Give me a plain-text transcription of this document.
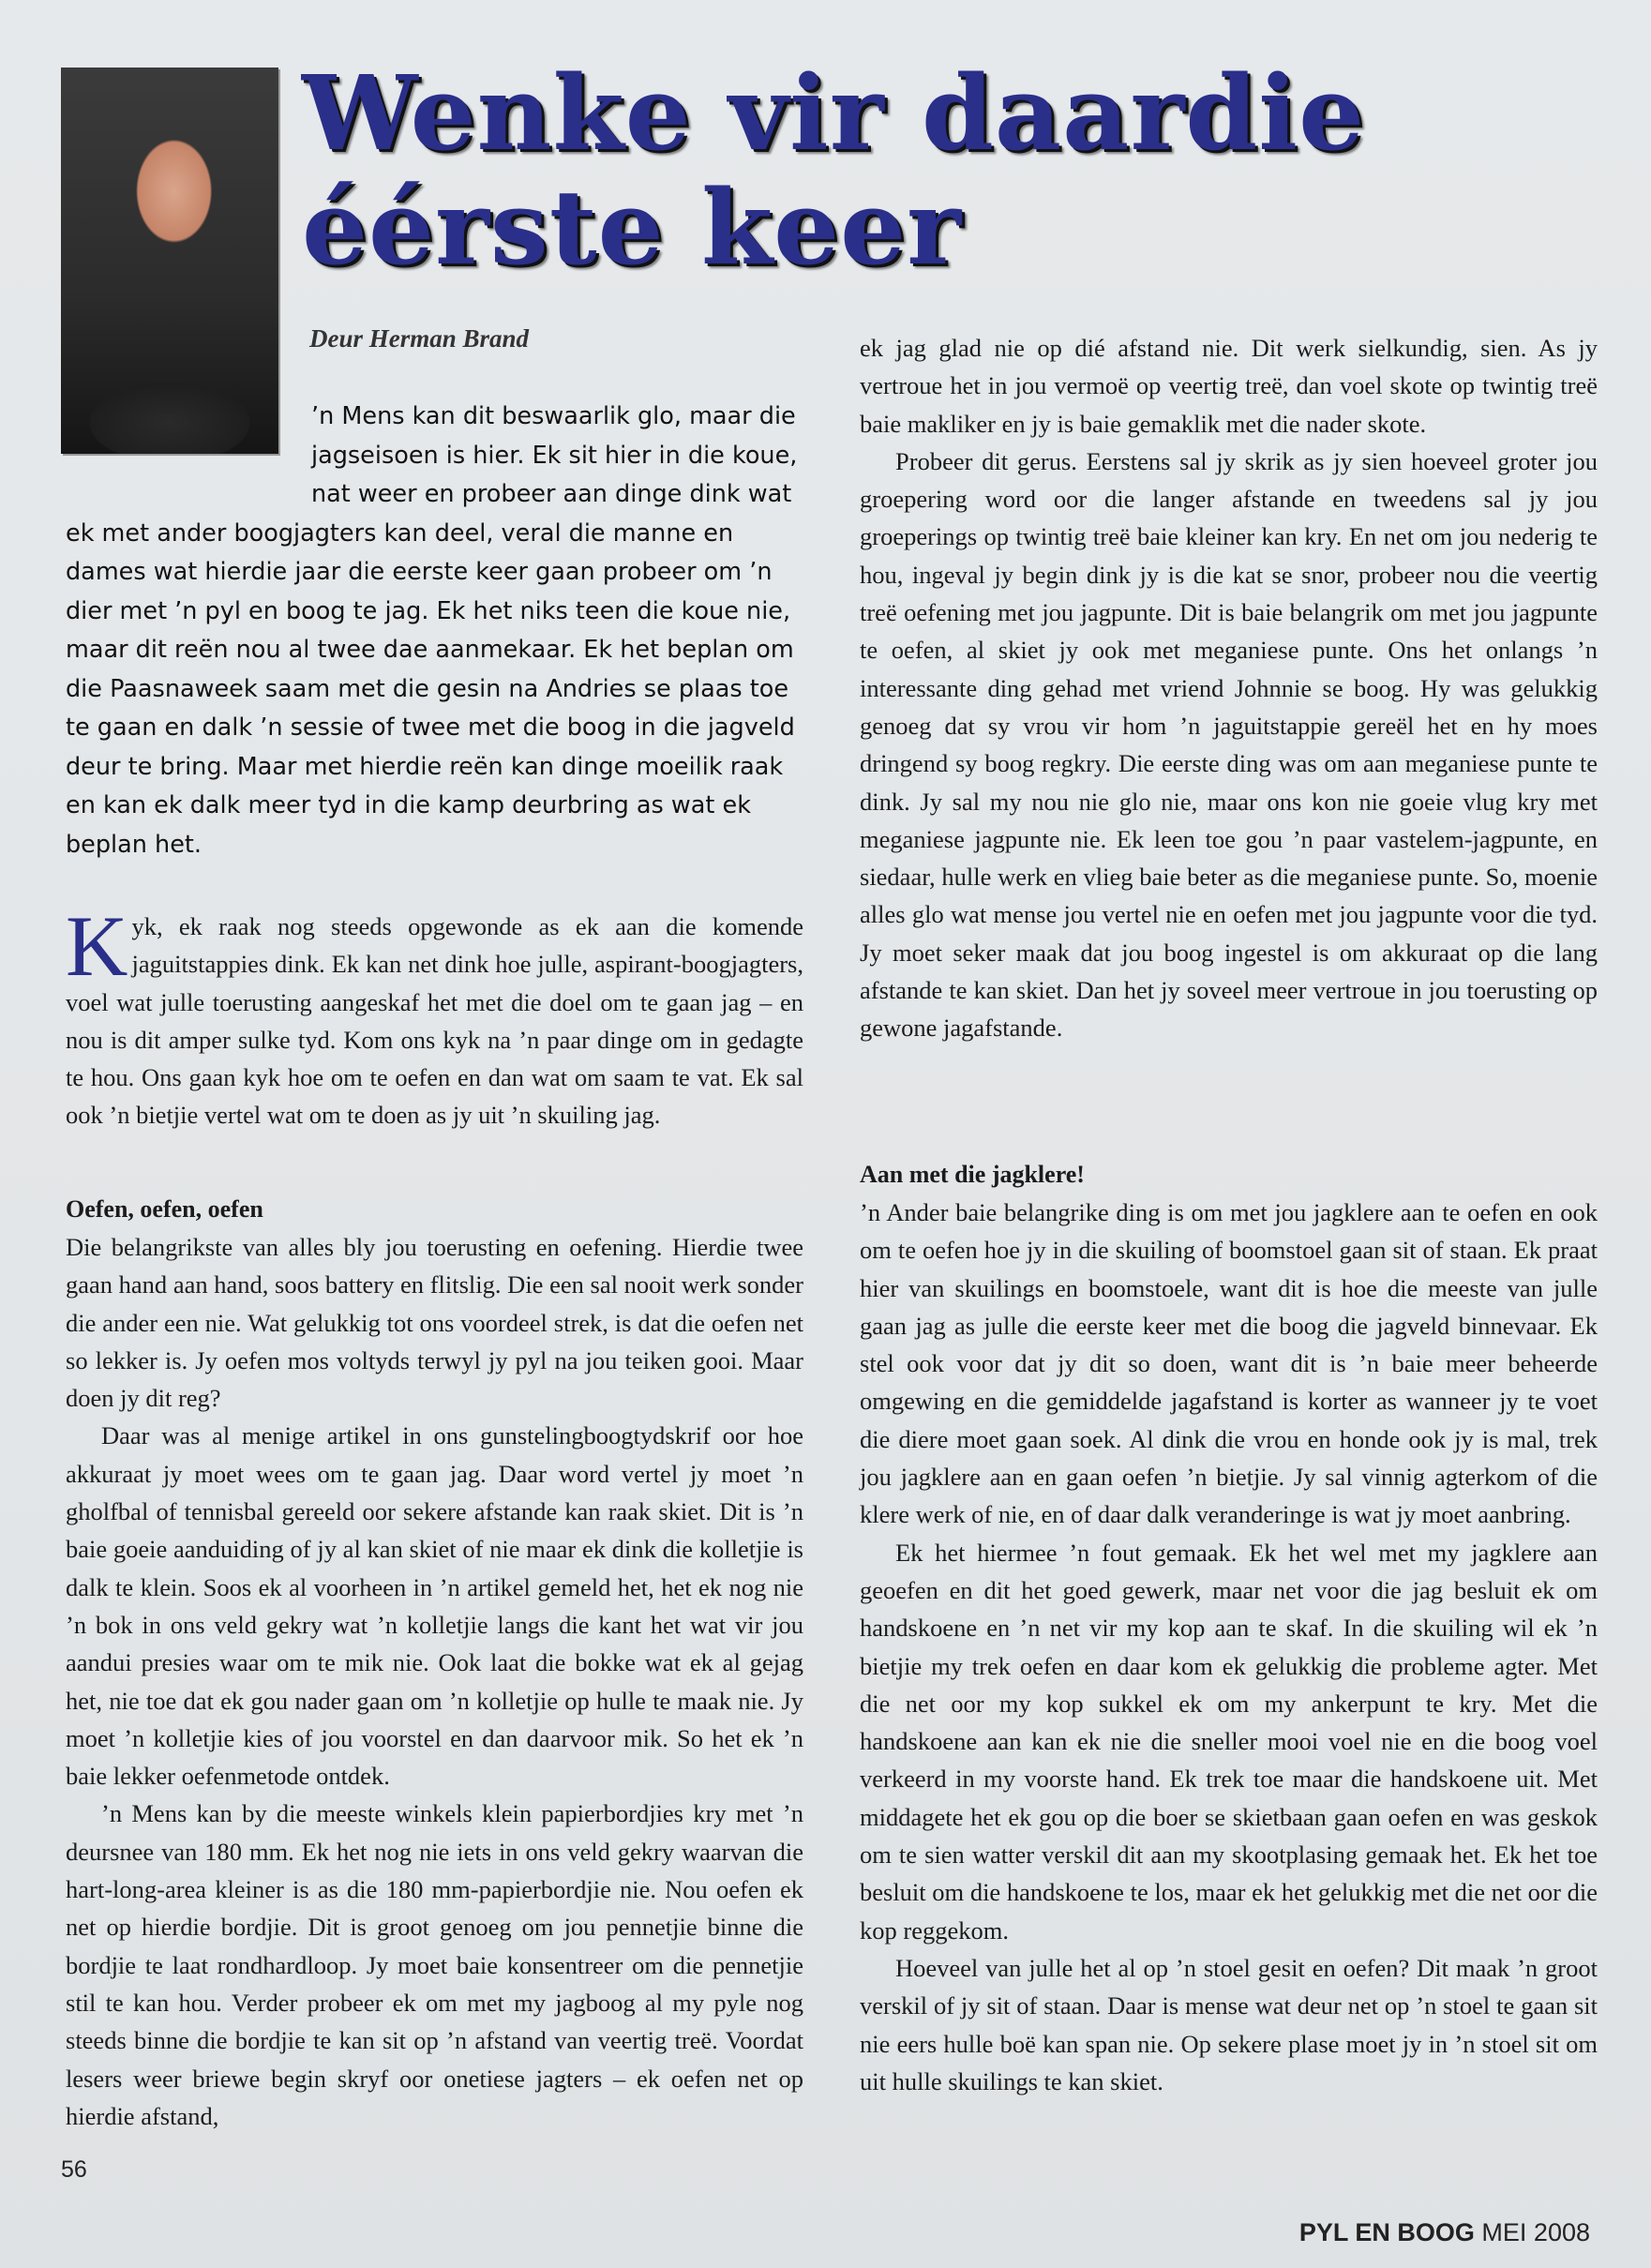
Wenke vir daardie
éérste keer
Deur Herman Brand

’n Mens kan dit beswaarlik glo, maar die jagseisoen is hier. Ek sit hier in die koue, nat weer en probeer aan dinge dink wat ek met ander boogjagters kan deel, veral die manne en dames wat hierdie jaar die eerste keer gaan probeer om ’n dier met ’n pyl en boog te jag. Ek het niks teen die koue nie, maar dit reën nou al twee dae aanmekaar. Ek het beplan om die Paasnaweek saam met die gesin na Andries se plaas toe te gaan en dalk ’n sessie of twee met die boog in die jagveld deur te bring. Maar met hierdie reën kan dinge moeilik raak en kan ek dalk meer tyd in die kamp deurbring as wat ek beplan het.

Kyk, ek raak nog steeds opgewonde as ek aan die komende jaguitstappies dink. Ek kan net dink hoe julle, aspirant-boogjagters, voel wat julle toerusting aangeskaf het met die doel om te gaan jag – en nou is dit amper sulke tyd. Kom ons kyk na ’n paar dinge om in gedagte te hou. Ons gaan kyk hoe om te oefen en dan wat om saam te vat. Ek sal ook ’n bietjie vertel wat om te doen as jy uit ’n skuiling jag.

Oefen, oefen, oefen

Die belangrikste van alles bly jou toerusting en oefening. Hierdie twee gaan hand aan hand, soos battery en flitslig. Die een sal nooit werk sonder die ander een nie. Wat gelukkig tot ons voordeel strek, is dat die oefen net so lekker is. Jy oefen mos voltyds terwyl jy pyl na jou teiken gooi. Maar doen jy dit reg?

Daar was al menige artikel in ons gunstelingboogtydskrif oor hoe akkuraat jy moet wees om te gaan jag. Daar word vertel jy moet ’n gholfbal of tennisbal gereeld oor sekere afstande kan raak skiet. Dit is ’n baie goeie aanduiding of jy al kan skiet of nie maar ek dink die kolletjie is dalk te klein. Soos ek al voorheen in ’n artikel gemeld het, het ek nog nie ’n bok in ons veld gekry wat ’n kolletjie langs die kant het wat vir jou aandui presies waar om te mik nie. Ook laat die bokke wat ek al gejag het, nie toe dat ek gou nader gaan om ’n kolletjie op hulle te maak nie. Jy moet ’n kolletjie kies of jou voorstel en dan daarvoor mik. So het ek ’n baie lekker oefenmetode ontdek.

’n Mens kan by die meeste winkels klein papierbordjies kry met ’n deursnee van 180 mm. Ek het nog nie iets in ons veld gekry waarvan die hart-long-area kleiner is as die 180 mm-papierbordjie nie. Nou oefen ek net op hierdie bordjie. Dit is groot genoeg om jou pennetjie binne die bordjie te laat rondhardloop. Jy moet baie konsentreer om die pennetjie stil te kan hou. Verder probeer ek om met my jagboog al my pyle nog steeds binne die bordjie te kan sit op ’n afstand van veertig treë. Voordat lesers weer briewe begin skryf oor onetiese jagters – ek oefen net op hierdie afstand,

ek jag glad nie op dié afstand nie. Dit werk sielkundig, sien. As jy vertroue het in jou vermoë op veertig treë, dan voel skote op twintig treë baie makliker en jy is baie gemaklik met die nader skote.

Probeer dit gerus. Eerstens sal jy skrik as jy sien hoeveel groter jou groepering word oor die langer afstande en tweedens sal jy jou groeperings op twintig treë baie kleiner kan kry. En net om jou nederig te hou, ingeval jy begin dink jy is die kat se snor, probeer nou die veertig treë oefening met jou jagpunte. Dit is baie belangrik om met jou jagpunte te oefen, al skiet jy ook met meganiese punte. Ons het onlangs ’n interessante ding gehad met vriend Johnnie se boog. Hy was gelukkig genoeg dat sy vrou vir hom ’n jaguitstappie gereël het en hy moes dringend sy boog regkry. Die eerste ding was om aan meganiese punte te dink. Jy sal my nou nie glo nie, maar ons kon nie goeie vlug kry met meganiese jagpunte nie. Ek leen toe gou ’n paar vastelem-jagpunte, en siedaar, hulle werk en vlieg baie beter as die meganiese punte. So, moenie alles glo wat mense jou vertel nie en oefen met jou jagpunte voor die tyd. Jy moet seker maak dat jou boog ingestel is om akkuraat op die lang afstande te kan skiet. Dan het jy soveel meer vertroue in jou toerusting op gewone jagafstande.

Aan met die jagklere!

’n Ander baie belangrike ding is om met jou jagklere aan te oefen en ook om te oefen hoe jy in die skuiling of boomstoel gaan sit of staan. Ek praat hier van skuilings en boomstoele, want dit is hoe die meeste van julle gaan jag as julle die eerste keer met die boog die jagveld binnevaar. Ek stel ook voor dat jy dit so doen, want dit is ’n baie meer beheerde omgewing en die gemiddelde jagafstand is korter as wanneer jy te voet die diere moet gaan soek. Al dink die vrou en honde ook jy is mal, trek jou jagklere aan en gaan oefen ’n bietjie. Jy sal vinnig agterkom of die klere werk of nie, en of daar dalk veranderinge is wat jy moet aanbring.

Ek het hiermee ’n fout gemaak. Ek het wel met my jagklere aan geoefen en dit het goed gewerk, maar net voor die jag besluit ek om handskoene en ’n net vir my kop aan te skaf. In die skuiling wil ek ’n bietjie my trek oefen en daar kom ek gelukkig die probleme agter. Met die net oor my kop sukkel ek om my ankerpunt te kry. Met die handskoene aan kan ek nie die sneller mooi voel nie en die boog voel verkeerd in my voorste hand. Ek trek toe maar die handskoene uit. Met middagete het ek gou op die boer se skietbaan gaan oefen en was geskok om te sien watter verskil dit aan my skootplasing gemaak het. Ek het toe besluit om die handskoene te los, maar ek het gelukkig met die net oor die kop reggekom.

Hoeveel van julle het al op ’n stoel gesit en oefen? Dit maak ’n groot verskil of jy sit of staan. Daar is mense wat deur net op ’n stoel te gaan sit nie eers hulle boë kan span nie. Op sekere plase moet jy in ’n stoel sit om uit hulle skuilings te kan skiet.

56
PYL EN BOOG MEI 2008
